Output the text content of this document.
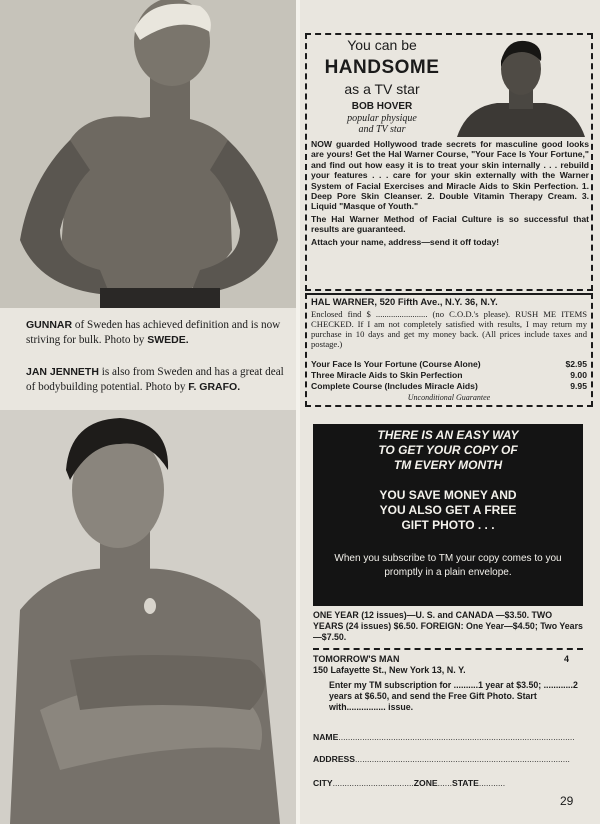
GUNNAR of Sweden has achieved definition and is now striving for bulk. Photo by SWEDE.
JAN JENNETH is also from Sweden and has a great deal of bodybuilding potential. Photo by F. GRAFO.
You can be
HANDSOME
as a TV star
BOB HOVER
popular physique
and TV star

NOW guarded Hollywood trade secrets for masculine good looks are yours! Get the Hal Warner Course, "Your Face Is Your Fortune," and find out how easy it is to treat your skin internally . . . rebuild your features . . . care for your skin externally with the Warner System of Facial Exercises and Miracle Aids to Skin Perfection. 1. Deep Pore Skin Cleanser. 2. Double Vitamin Therapy Cream. 3. Liquid "Masque of Youth."

The Hal Warner Method of Facial Culture is so successful that results are guaranteed.

Attach your name, address—send it off today!

HAL WARNER, 520 Fifth Ave., N.Y. 36, N.Y.
Enclosed find $ ........................ (no C.O.D.'s please). RUSH ME ITEMS CHECKED. If I am not completely satisfied with results, I may return my purchase in 10 days and get my money back. (All prices include taxes and postage.)
Your Face Is Your Fortune (Course Alone)	$2.95
Three Miracle Aids to Skin Perfection	9.00
Complete Course (Includes Miracle Aids)	9.95
Unconditional Guarantee
THERE IS AN EASY WAY
TO GET YOUR COPY OF
TM EVERY MONTH
YOU SAVE MONEY AND
YOU ALSO GET A FREE
GIFT PHOTO . . .
When you subscribe to TM your copy comes to you promptly in a plain envelope.
ONE YEAR (12 issues)—U. S. and CANADA —$3.50. TWO YEARS (24 issues) $6.50. FOREIGN: One Year—$4.50; Two Years—$7.50.
TOMORROW'S MAN	4
150 Lafayette St., New York 13, N. Y.
Enter my TM subscription for ..........1 year at $3.50; ............2 years at $6.50, and send the Free Gift Photo. Start with................ issue.
NAME...................................................................................................
ADDRESS..........................................................................................
CITY..................................ZONE......STATE...........
29
